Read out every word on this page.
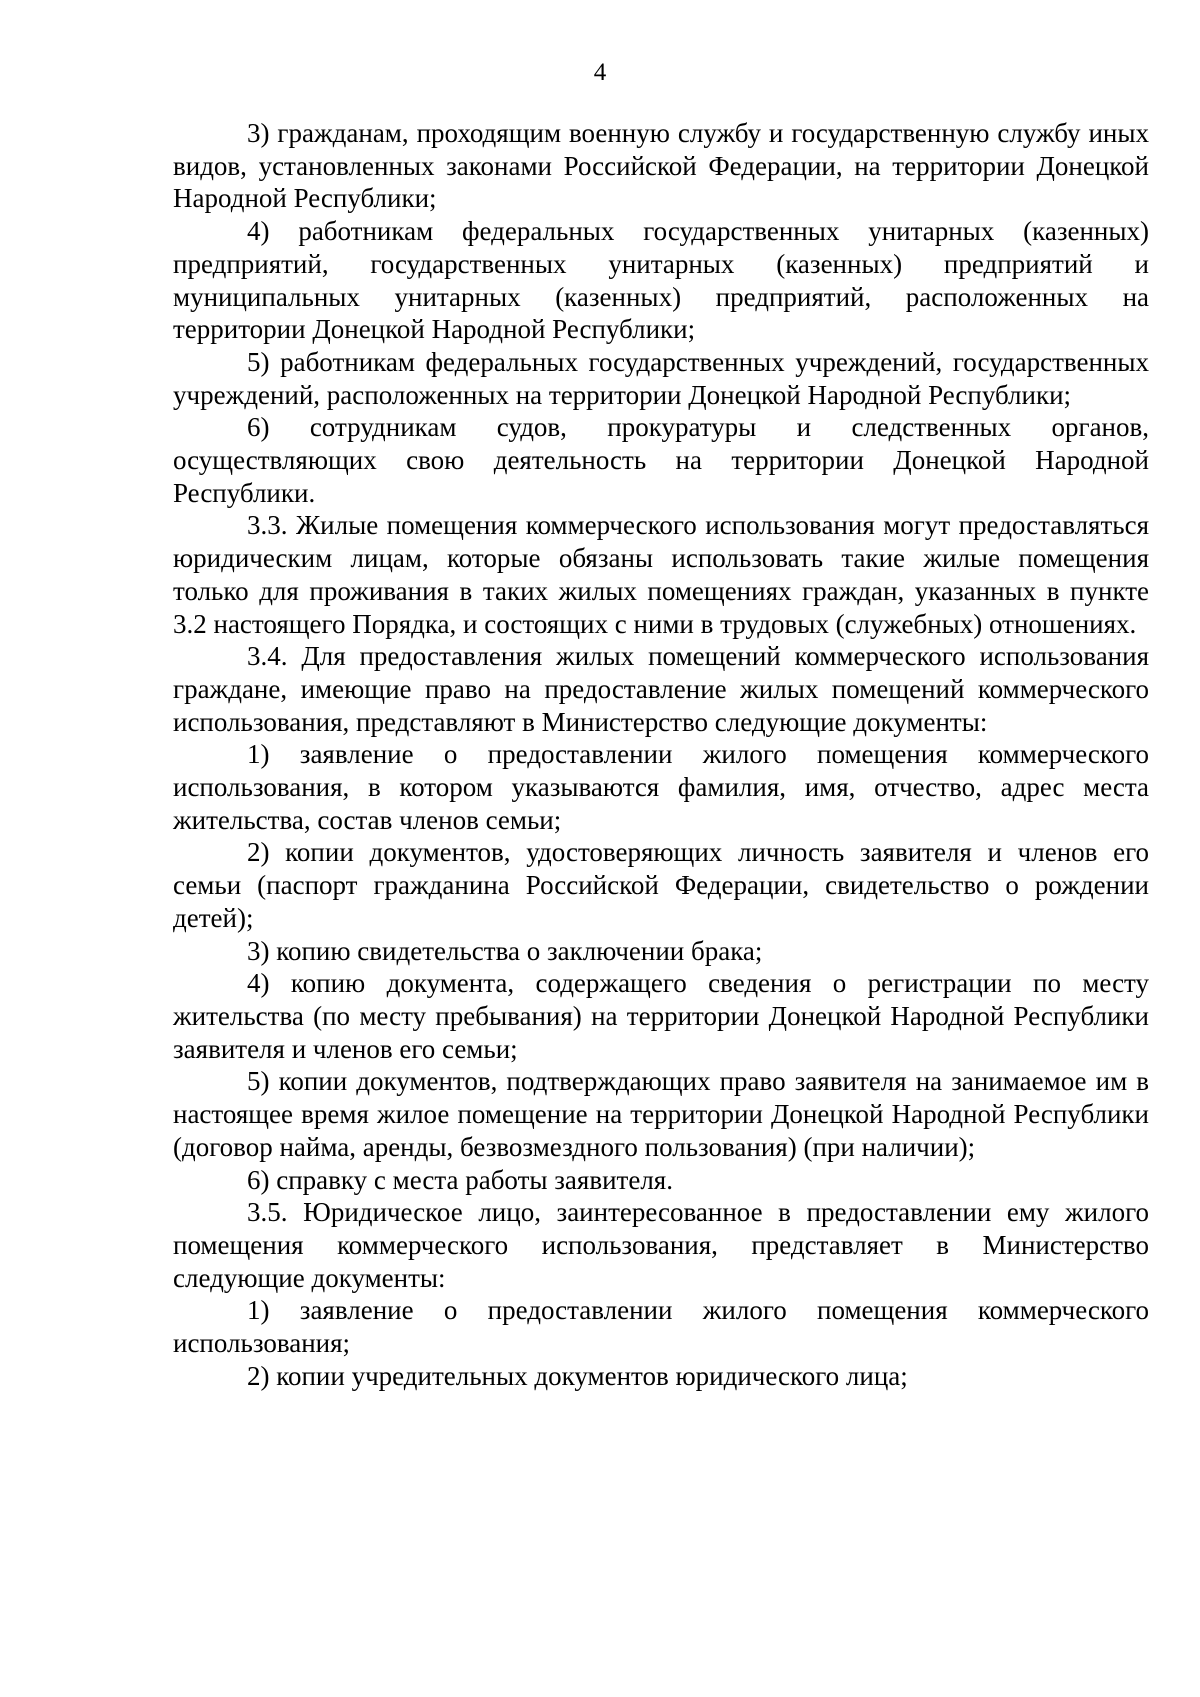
4

3) гражданам, проходящим военную службу и государственную службу иных видов, установленных законами Российской Федерации, на территории Донецкой Народной Республики;

4) работникам федеральных государственных унитарных (казенных) предприятий, государственных унитарных (казенных) предприятий и муниципальных унитарных (казенных) предприятий, расположенных на территории Донецкой Народной Республики;

5) работникам федеральных государственных учреждений, государственных учреждений, расположенных на территории Донецкой Народной Республики;

6) сотрудникам судов, прокуратуры и следственных органов, осуществляющих свою деятельность на территории Донецкой Народной Республики.

3.3. Жилые помещения коммерческого использования могут предоставляться юридическим лицам, которые обязаны использовать такие жилые помещения только для проживания в таких жилых помещениях граждан, указанных в пункте 3.2 настоящего Порядка, и состоящих с ними в трудовых (служебных) отношениях.

3.4. Для предоставления жилых помещений коммерческого использования граждане, имеющие право на предоставление жилых помещений коммерческого использования, представляют в Министерство следующие документы:

1) заявление о предоставлении жилого помещения коммерческого использования, в котором указываются фамилия, имя, отчество, адрес места жительства, состав членов семьи;

2) копии документов, удостоверяющих личность заявителя и членов его семьи (паспорт гражданина Российской Федерации, свидетельство о рождении детей);

3) копию свидетельства о заключении брака;

4) копию документа, содержащего сведения о регистрации по месту жительства (по месту пребывания) на территории Донецкой Народной Республики заявителя и членов его семьи;

5) копии документов, подтверждающих право заявителя на занимаемое им в настоящее время жилое помещение на территории Донецкой Народной Республики (договор найма, аренды, безвозмездного пользования) (при наличии);

6) справку с места работы заявителя.

3.5. Юридическое лицо, заинтересованное в предоставлении ему жилого помещения коммерческого использования, представляет в Министерство следующие документы:

1) заявление о предоставлении жилого помещения коммерческого использования;

2) копии учредительных документов юридического лица;
